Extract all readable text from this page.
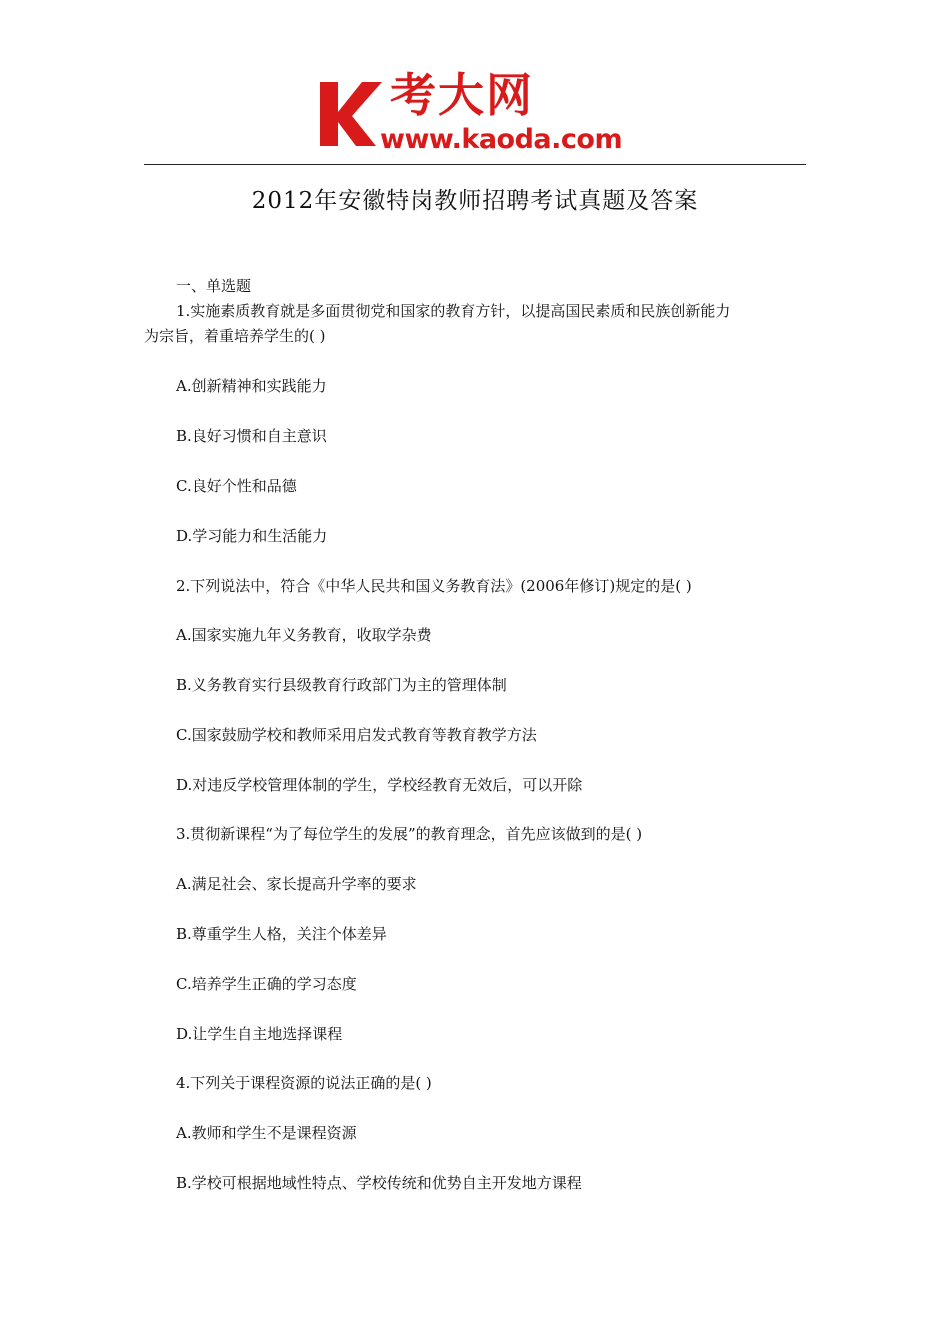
考大网
www.kaoda.com
2012年安徽特岗教师招聘考试真题及答案
一、单选题
1.实施素质教育就是多面贯彻党和国家的教育方针，以提高国民素质和民族创新能力
为宗旨，着重培养学生的( )
A.创新精神和实践能力
B.良好习惯和自主意识
C.良好个性和品德
D.学习能力和生活能力
2.下列说法中，符合《中华人民共和国义务教育法》(2006年修订)规定的是( )
A.国家实施九年义务教育，收取学杂费
B.义务教育实行县级教育行政部门为主的管理体制
C.国家鼓励学校和教师采用启发式教育等教育教学方法
D.对违反学校管理体制的学生，学校经教育无效后，可以开除
3.贯彻新课程“为了每位学生的发展”的教育理念，首先应该做到的是( )
A.满足社会、家长提高升学率的要求
B.尊重学生人格，关注个体差异
C.培养学生正确的学习态度
D.让学生自主地选择课程
4.下列关于课程资源的说法正确的是( )
A.教师和学生不是课程资源
B.学校可根据地域性特点、学校传统和优势自主开发地方课程
